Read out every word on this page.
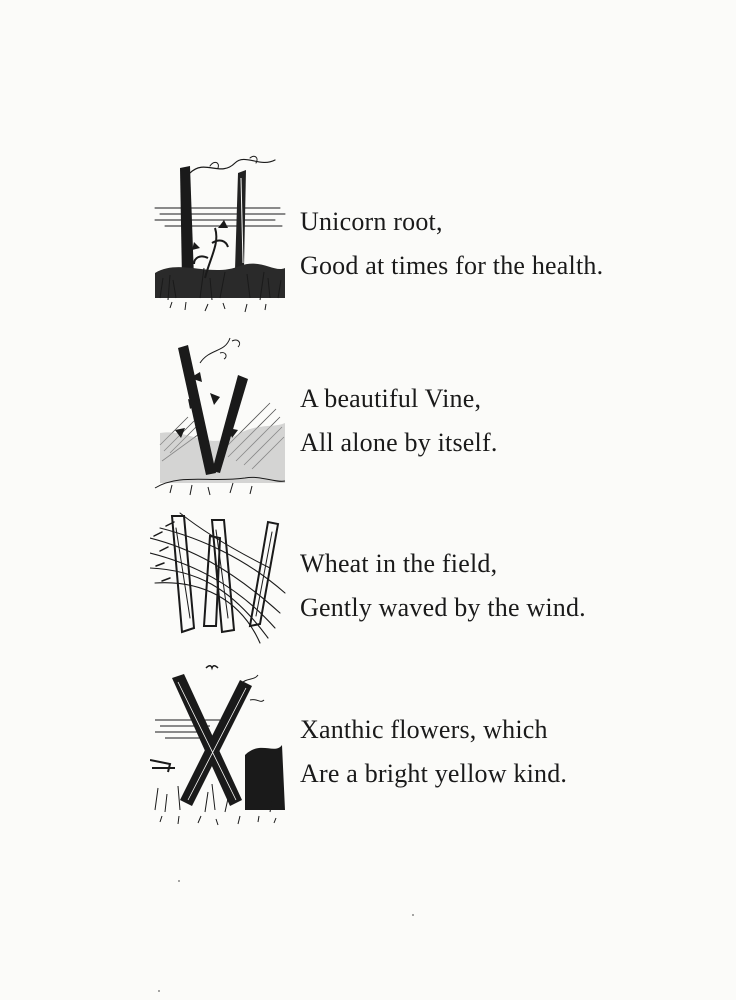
Unicorn root,
Good at times for the health.
A beautiful Vine,
All alone by itself.
Wheat in the field,
Gently waved by the wind.
Xanthic flowers, which
Are a bright yellow kind.
